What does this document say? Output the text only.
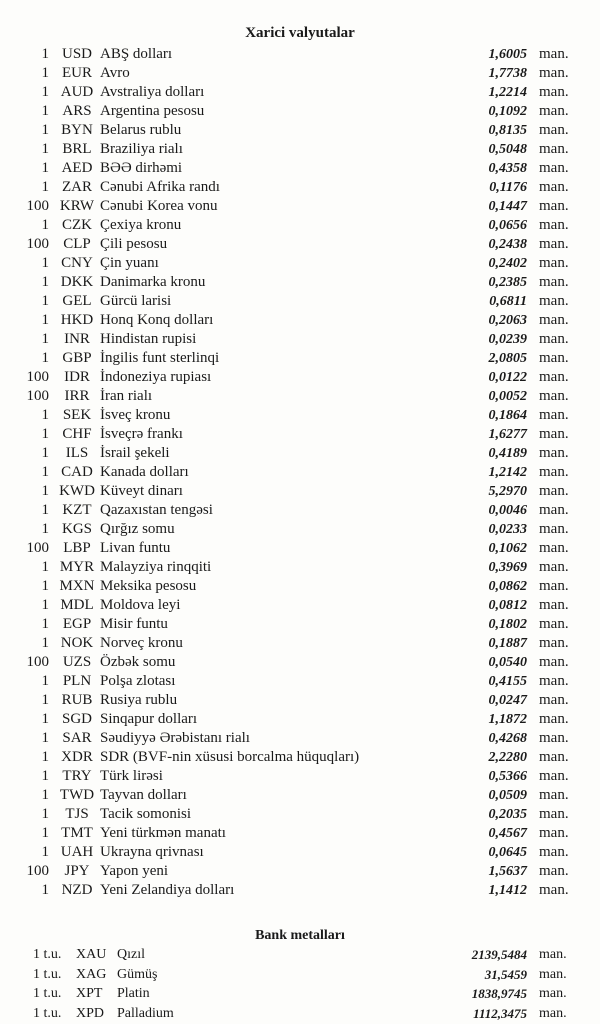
Xarici valyutalar
1 USD ABŞ dolları	1,6005 man.
1 EUR Avro	1,7738 man.
1 AUD Avstraliya dolları	1,2214 man.
1 ARS Argentina pesosu	0,1092 man.
1 BYN Belarus rublu	0,8135 man.
1 BRL Braziliya rialı	0,5048 man.
1 AED BƏƏ dirhəmi	0,4358 man.
1 ZAR Cənubi Afrika randı	0,1176 man.
100 KRW Cənubi Korea vonu	0,1447 man.
1 CZK Çexiya kronu	0,0656 man.
100 CLP Çili pesosu	0,2438 man.
1 CNY Çin yuanı	0,2402 man.
1 DKK Danimarka kronu	0,2385 man.
1 GEL Gürcü larisi	0,6811 man.
1 HKD Honq Konq dolları	0,2063 man.
1	INR Hindistan rupisi	0,0239 man.
1 GBP İngilis funt sterlinqi	2,0805 man.
100	IDR İndoneziya rupiası	0,0122 man.
100	IRR İran rialı	0,0052 man.
1 SEK İsveç kronu	0,1864 man.
1 CHF İsveçrə frankı	1,6277 man.
1	ILS İsrail şekeli	0,4189 man.
1 CAD Kanada dolları	1,2142 man.
1 KWD Küveyt dinarı	5,2970 man.
1 KZT Qazaxıstan tengəsi	0,0046 man.
1 KGS Qırğız somu	0,0233 man.
100 LBP Livan funtu	0,1062 man.
1 MYR Malayziya rinqqiti	0,3969 man.
1 MXN Meksika pesosu	0,0862 man.
1 MDL Moldova leyi	0,0812 man.
1 EGP Misir funtu	0,1802 man.
1 NOK Norveç kronu	0,1887 man.
100 UZS Özbək somu	0,0540 man.
1 PLN Polşa zlotası	0,4155 man.
1 RUB Rusiya rublu	0,0247 man.
1 SGD Sinqapur dolları	1,1872 man.
1 SAR Səudiyyə Ərəbistanı rialı	0,4268 man.
1 XDR SDR (BVF-nin xüsusi borcalma hüquqları)	2,2280 man.
1 TRY Türk lirəsi	0,5366 man.
1 TWD Tayvan dolları	0,0509 man.
1	TJS Tacik somonisi	0,2035 man.
1 TMT Yeni türkmən manatı	0,4567 man.
1 UAH Ukrayna qrivnası	0,0645 man.
100	JPY Yapon yeni	1,5637 man.
1 NZD Yeni Zelandiya dolları	1,1412 man.
Bank metalları
1 t.u. XAU Qızıl	2139,5484 man.
1 t.u. XAG Gümüş	31,5459 man.
1 t.u. XPT Platin	1838,9745 man.
1 t.u. XPD Palladium	1112,3475 man.
